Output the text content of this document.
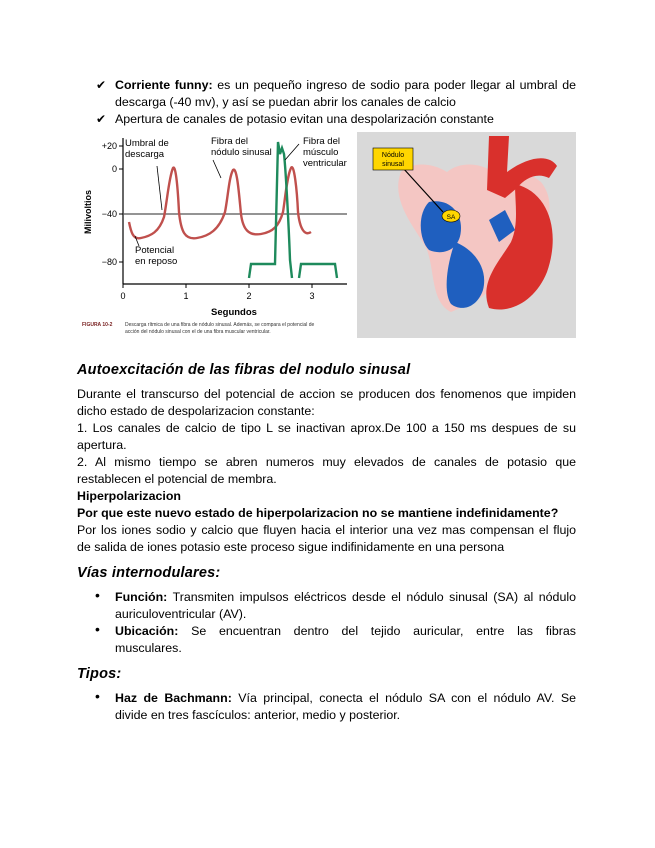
✔ Corriente funny: es un pequeño ingreso de sodio para poder llegar al umbral de
descarga (-40 mv), y así se puedan abrir los canales de calcio
✔ Apertura de canales de potasio evitan una despolarización constante
+20
0
−40
−80
0	1	2	3
Milivoltios
Segundos
Umbral de
descarga
Fibra del
nódulo sinusal
Fibra del
músculo
ventricular
Potencial
en reposo
FIGURA 10-2	Descarga rítmica de una fibra de nódulo sinusal. Además, se compara el potencial de
acción del nódulo sinusal con el de una fibra muscular ventricular.
SA
Nódulo
sinusal
Autoexcitación de las fibras del nodulo sinusal
Durante el transcurso del potencial de accion se producen dos fenomenos que impiden
dicho estado de despolarizacion constante:
1. Los canales de calcio de tipo L se inactivan aprox.De 100 a 150 ms despues de su
apertura.
2. Al mismo tiempo se abren numeros muy elevados de canales de potasio que
restablecen el potencial de membra.
Hiperpolarizacion
Por que este nuevo estado de hiperpolarizacion no se mantiene indefinidamente?
Por los iones sodio y calcio que fluyen hacia el interior una vez mas compensan el flujo
de salida de iones potasio este proceso sigue indifinidamente en una persona
Vías internodulares:
• Función: Transmiten impulsos eléctricos desde el nódulo sinusal (SA) al nódulo
auriculoventricular (AV).
• Ubicación: Se encuentran dentro del tejido auricular, entre las fibras
musculares.
Tipos:
• Haz de Bachmann: Vía principal, conecta el nódulo SA con el nódulo AV. Se
divide en tres fascículos: anterior, medio y posterior.
